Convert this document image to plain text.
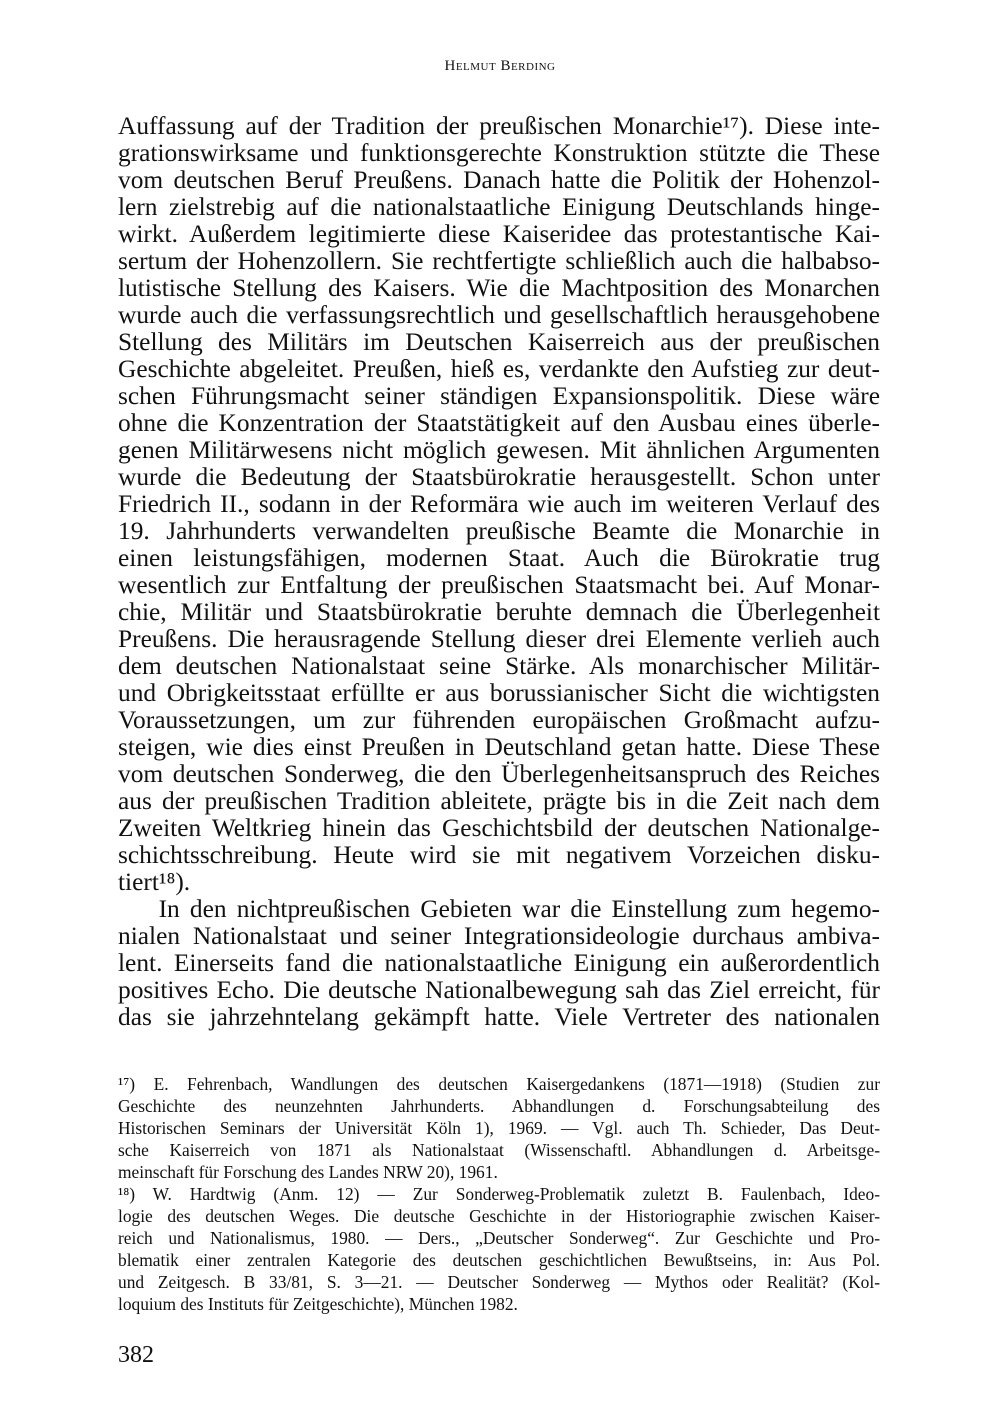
Helmut Berding
Auffassung auf der Tradition der preußischen Monarchie¹⁷). Diese inte-
grationswirksame und funktionsgerechte Konstruktion stützte die These
vom deutschen Beruf Preußens. Danach hatte die Politik der Hohenzol-
lern zielstrebig auf die nationalstaatliche Einigung Deutschlands hinge-
wirkt. Außerdem legitimierte diese Kaiseridee das protestantische Kai-
sertum der Hohenzollern. Sie rechtfertigte schließlich auch die halbabso-
lutistische Stellung des Kaisers. Wie die Machtposition des Monarchen
wurde auch die verfassungsrechtlich und gesellschaftlich herausgehobene
Stellung des Militärs im Deutschen Kaiserreich aus der preußischen
Geschichte abgeleitet. Preußen, hieß es, verdankte den Aufstieg zur deut-
schen Führungsmacht seiner ständigen Expansionspolitik. Diese wäre
ohne die Konzentration der Staatstätigkeit auf den Ausbau eines überle-
genen Militärwesens nicht möglich gewesen. Mit ähnlichen Argumenten
wurde die Bedeutung der Staatsbürokratie herausgestellt. Schon unter
Friedrich II., sodann in der Reformära wie auch im weiteren Verlauf des
19. Jahrhunderts verwandelten preußische Beamte die Monarchie in
einen leistungsfähigen, modernen Staat. Auch die Bürokratie trug
wesentlich zur Entfaltung der preußischen Staatsmacht bei. Auf Monar-
chie, Militär und Staatsbürokratie beruhte demnach die Überlegenheit
Preußens. Die herausragende Stellung dieser drei Elemente verlieh auch
dem deutschen Nationalstaat seine Stärke. Als monarchischer Militär-
und Obrigkeitsstaat erfüllte er aus borussianischer Sicht die wichtigsten
Voraussetzungen, um zur führenden europäischen Großmacht aufzu-
steigen, wie dies einst Preußen in Deutschland getan hatte. Diese These
vom deutschen Sonderweg, die den Überlegenheitsanspruch des Reiches
aus der preußischen Tradition ableitete, prägte bis in die Zeit nach dem
Zweiten Weltkrieg hinein das Geschichtsbild der deutschen Nationalge-
schichtsschreibung. Heute wird sie mit negativem Vorzeichen disku-
tiert¹⁸).
In den nichtpreußischen Gebieten war die Einstellung zum hegemo-
nialen Nationalstaat und seiner Integrationsideologie durchaus ambiva-
lent. Einerseits fand die nationalstaatliche Einigung ein außerordentlich
positives Echo. Die deutsche Nationalbewegung sah das Ziel erreicht, für
das sie jahrzehntelang gekämpft hatte. Viele Vertreter des nationalen
¹⁷) E. Fehrenbach, Wandlungen des deutschen Kaisergedankens (1871—1918) (Studien zur
Geschichte des neunzehnten Jahrhunderts. Abhandlungen d. Forschungsabteilung des
Historischen Seminars der Universität Köln 1), 1969. — Vgl. auch Th. Schieder, Das Deut-
sche Kaiserreich von 1871 als Nationalstaat (Wissenschaftl. Abhandlungen d. Arbeitsge-
meinschaft für Forschung des Landes NRW 20), 1961.
¹⁸) W. Hardtwig (Anm. 12) — Zur Sonderweg-Problematik zuletzt B. Faulenbach, Ideo-
logie des deutschen Weges. Die deutsche Geschichte in der Historiographie zwischen Kaiser-
reich und Nationalismus, 1980. — Ders., „Deutscher Sonderweg“. Zur Geschichte und Pro-
blematik einer zentralen Kategorie des deutschen geschichtlichen Bewußtseins, in: Aus Pol.
und Zeitgesch. B 33/81, S. 3—21. — Deutscher Sonderweg — Mythos oder Realität? (Kol-
loquium des Instituts für Zeitgeschichte), München 1982.
382
